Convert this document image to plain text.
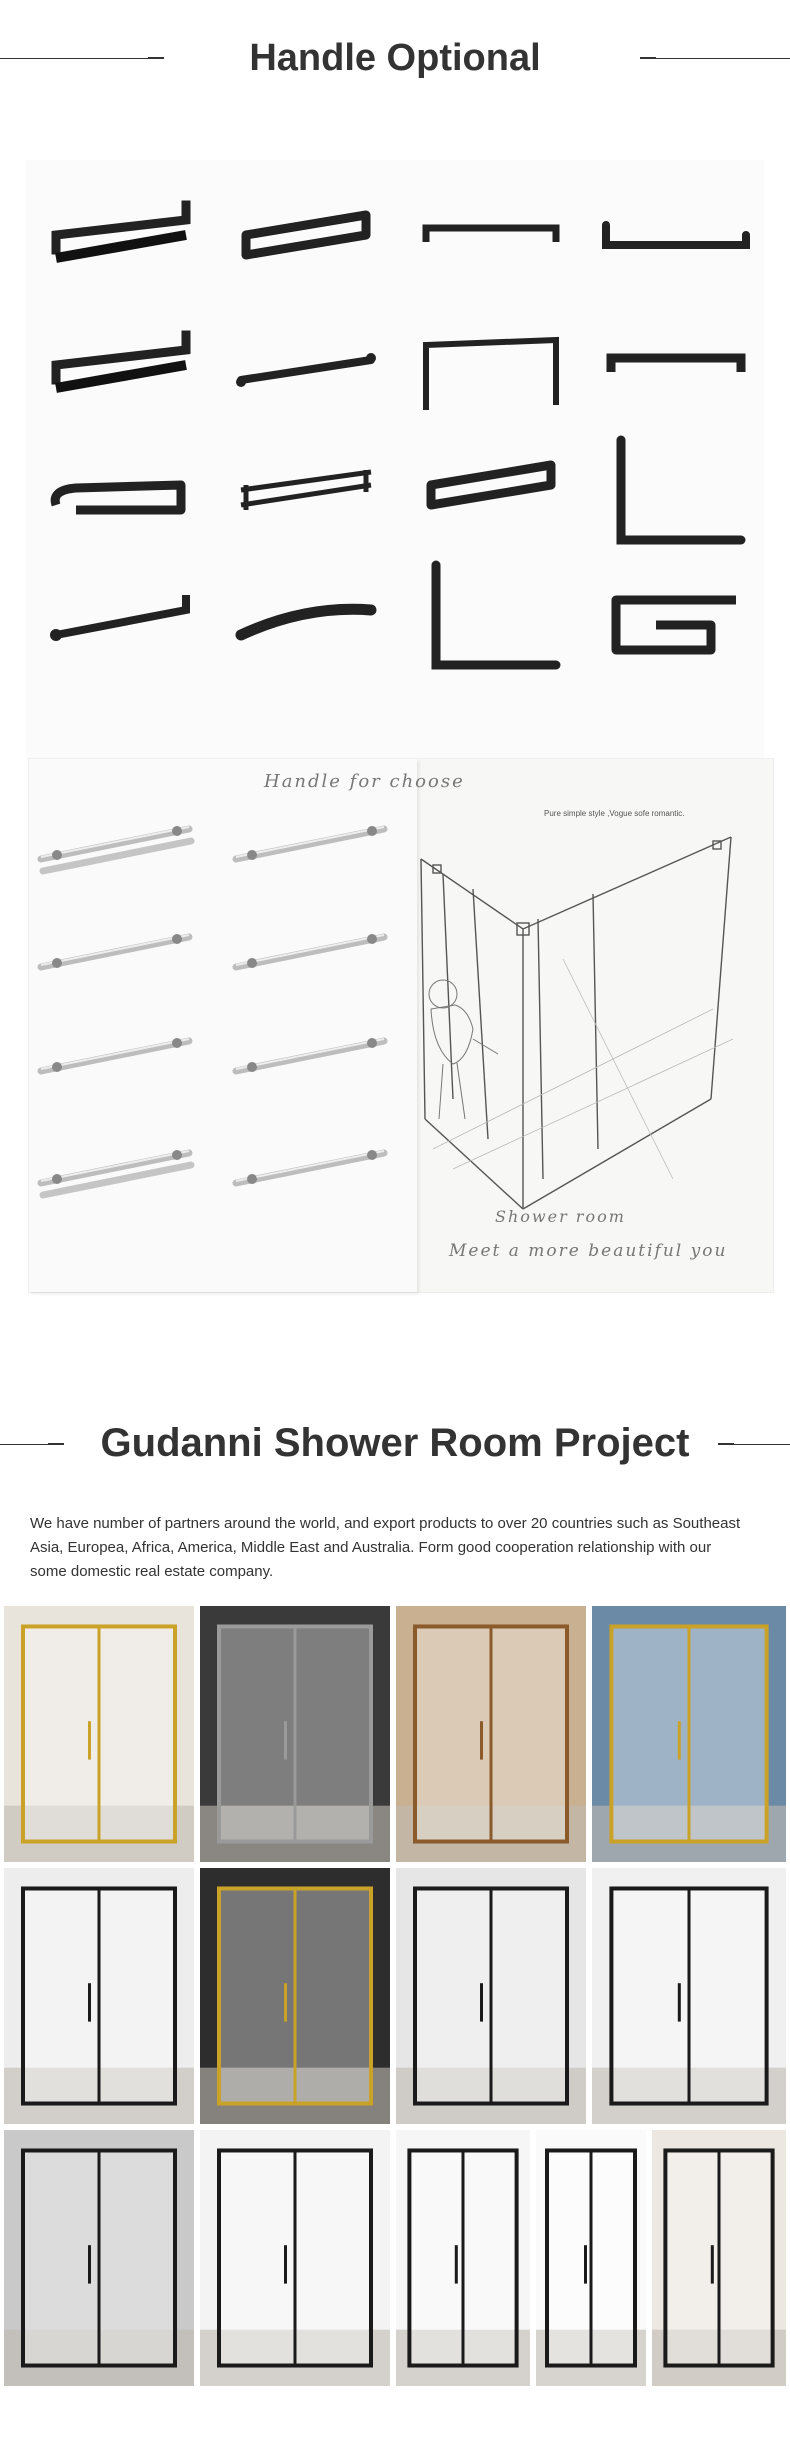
Handle Optional
Handle for choose
Pure simple style ,Vogue sofe romantic.
Shower room
Meet a more beautiful you
Gudanni Shower Room Project
We have number of partners around the world, and export products to over 20 countries such as Southeast Asia, Europea, Africa, America, Middle East and Australia. Form good cooperation relationship with our some domestic real estate company.
